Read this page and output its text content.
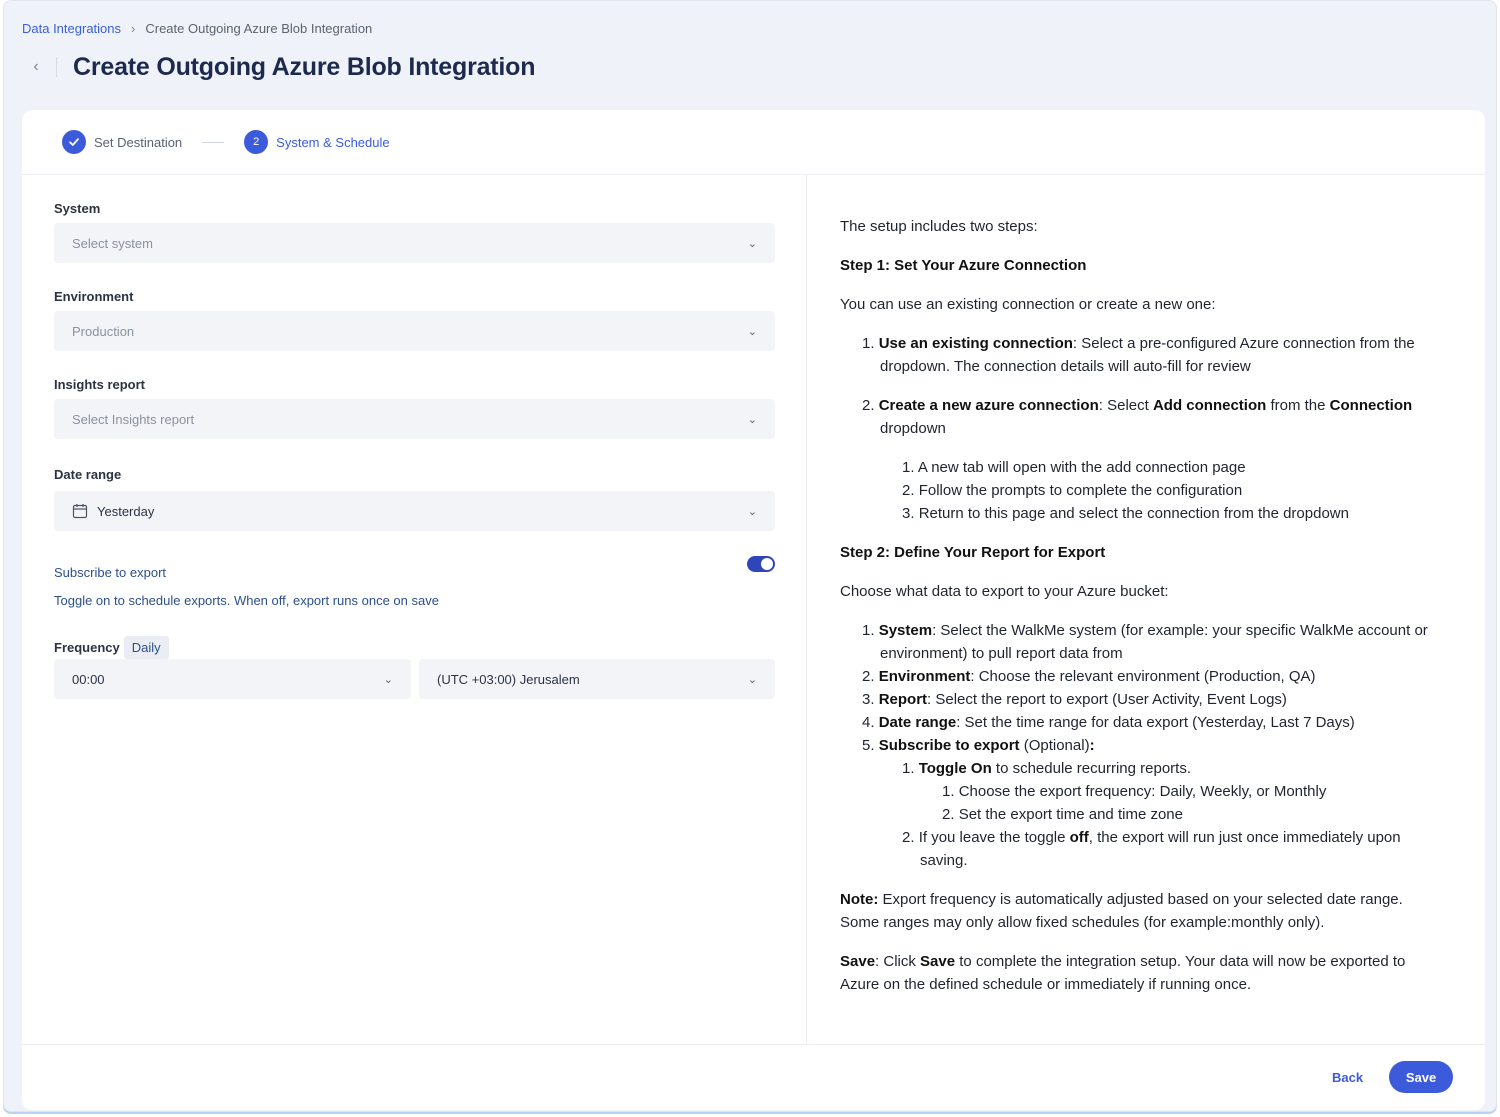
Data Integrations › Create Outgoing Azure Blob Integration
‹	Create Outgoing Azure Blob Integration
Set Destination	2	System & Schedule
System
Select system	⌄
Environment
Production	⌄
Insights report
Select Insights report	⌄
Date range
Yesterday	⌄
Subscribe to export
Toggle on to schedule exports. When off, export runs once on save
Frequency Daily
00:00	⌄	(UTC +03:00) Jerusalem	⌄
The setup includes two steps:
Step 1: Set Your Azure Connection
You can use an existing connection or create a new one:
1. Use an existing connection: Select a pre-configured Azure connection from the
dropdown. The connection details will auto-fill for review
2. Create a new azure connection: Select Add connection from the Connection
dropdown
1. A new tab will open with the add connection page
2. Follow the prompts to complete the configuration
3. Return to this page and select the connection from the dropdown
Step 2: Define Your Report for Export
Choose what data to export to your Azure bucket:
1. System: Select the WalkMe system (for example: your specific WalkMe account or
environment) to pull report data from
2. Environment: Choose the relevant environment (Production, QA)
3. Report: Select the report to export (User Activity, Event Logs)
4. Date range: Set the time range for data export (Yesterday, Last 7 Days)
5. Subscribe to export (Optional):
1. Toggle On to schedule recurring reports.
1. Choose the export frequency: Daily, Weekly, or Monthly
2. Set the export time and time zone
2. If you leave the toggle off, the export will run just once immediately upon
saving.
Note: Export frequency is automatically adjusted based on your selected date range.
Some ranges may only allow fixed schedules (for example:monthly only).
Save: Click Save to complete the integration setup. Your data will now be exported to
Azure on the defined schedule or immediately if running once.
Back	Save
